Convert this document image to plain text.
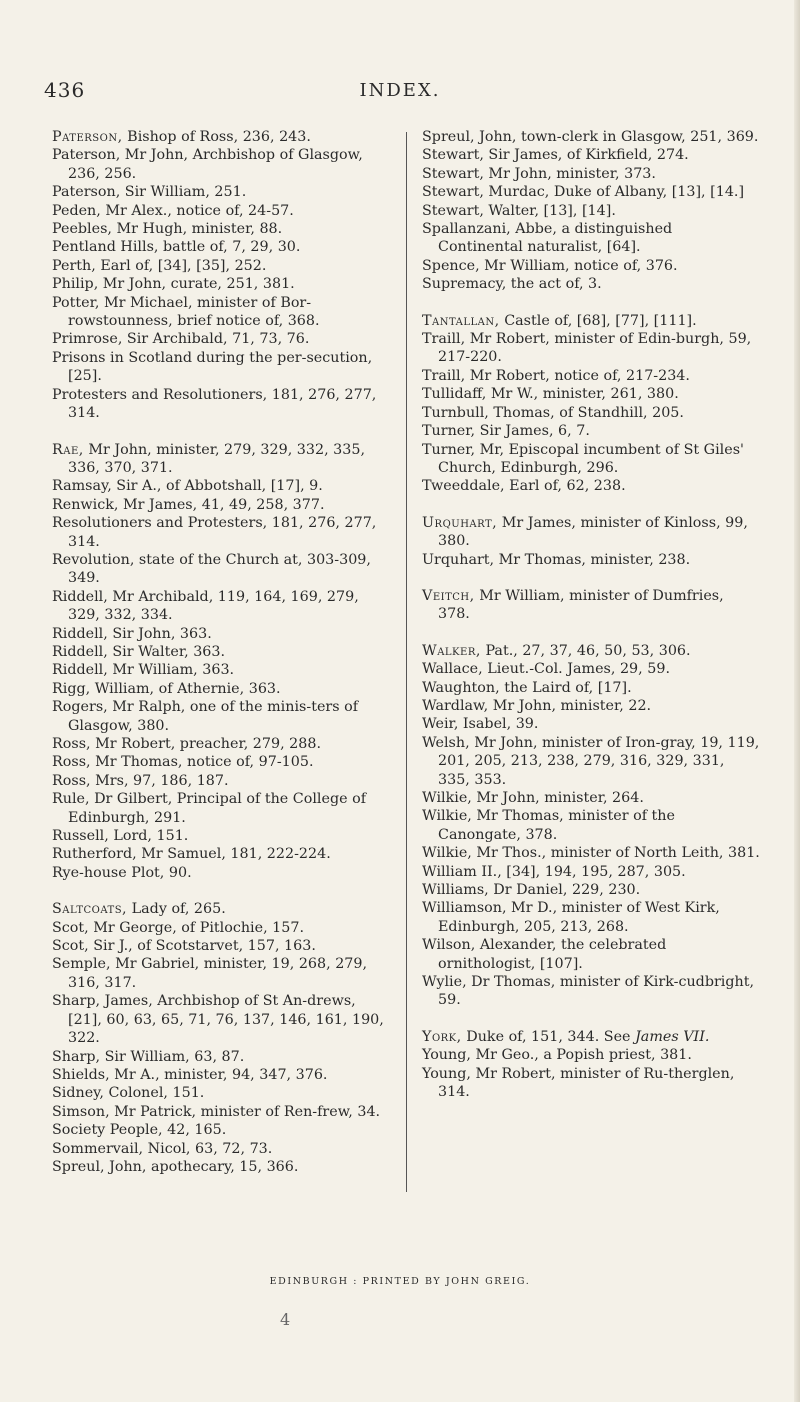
436	INDEX.

Paterson, Bishop of Ross, 236, 243.

Paterson, Mr John, Archbishop of Glasgow, 236, 256.

Paterson, Sir William, 251.

Peden, Mr Alex., notice of, 24-57.

Peebles, Mr Hugh, minister, 88.

Pentland Hills, battle of, 7, 29, 30.

Perth, Earl of, [34], [35], 252.

Philip, Mr John, curate, 251, 381.

Potter, Mr Michael, minister of Bor-rowstounness, brief notice of, 368.

Primrose, Sir Archibald, 71, 73, 76.

Prisons in Scotland during the per-secution, [25].

Protesters and Resolutioners, 181, 276, 277, 314.

Rae, Mr John, minister, 279, 329, 332, 335, 336, 370, 371.

Ramsay, Sir A., of Abbotshall, [17], 9.

Renwick, Mr James, 41, 49, 258, 377.

Resolutioners and Protesters, 181, 276, 277, 314.

Revolution, state of the Church at, 303-309, 349.

Riddell, Mr Archibald, 119, 164, 169, 279, 329, 332, 334.

Riddell, Sir John, 363.

Riddell, Sir Walter, 363.

Riddell, Mr William, 363.

Rigg, William, of Athernie, 363.

Rogers, Mr Ralph, one of the minis-ters of Glasgow, 380.

Ross, Mr Robert, preacher, 279, 288.

Ross, Mr Thomas, notice of, 97-105.

Ross, Mrs, 97, 186, 187.

Rule, Dr Gilbert, Principal of the College of Edinburgh, 291.

Russell, Lord, 151.

Rutherford, Mr Samuel, 181, 222-224.

Rye-house Plot, 90.

Saltcoats, Lady of, 265.

Scot, Mr George, of Pitlochie, 157.

Scot, Sir J., of Scotstarvet, 157, 163.

Semple, Mr Gabriel, minister, 19, 268, 279, 316, 317.

Sharp, James, Archbishop of St An-drews, [21], 60, 63, 65, 71, 76, 137, 146, 161, 190, 322.

Sharp, Sir William, 63, 87.

Shields, Mr A., minister, 94, 347, 376.

Sidney, Colonel, 151.

Simson, Mr Patrick, minister of Ren-frew, 34.

Society People, 42, 165.

Sommervail, Nicol, 63, 72, 73.

Spreul, John, apothecary, 15, 366.

Spreul, John, town-clerk in Glasgow, 251, 369.

Stewart, Sir James, of Kirkfield, 274.

Stewart, Mr John, minister, 373.

Stewart, Murdac, Duke of Albany, [13], [14.]

Stewart, Walter, [13], [14].

Spallanzani, Abbe, a distinguished Continental naturalist, [64].

Spence, Mr William, notice of, 376.

Supremacy, the act of, 3.

Tantallan, Castle of, [68], [77], [111].

Traill, Mr Robert, minister of Edin-burgh, 59, 217-220.

Traill, Mr Robert, notice of, 217-234.

Tullidaff, Mr W., minister, 261, 380.

Turnbull, Thomas, of Standhill, 205.

Turner, Sir James, 6, 7.

Turner, Mr, Episcopal incumbent of St Giles' Church, Edinburgh, 296.

Tweeddale, Earl of, 62, 238.

Urquhart, Mr James, minister of Kinloss, 99, 380.

Urquhart, Mr Thomas, minister, 238.

Veitch, Mr William, minister of Dumfries, 378.

Walker, Pat., 27, 37, 46, 50, 53, 306.

Wallace, Lieut.-Col. James, 29, 59.

Waughton, the Laird of, [17].

Wardlaw, Mr John, minister, 22.

Weir, Isabel, 39.

Welsh, Mr John, minister of Iron-gray, 19, 119, 201, 205, 213, 238, 279, 316, 329, 331, 335, 353.

Wilkie, Mr John, minister, 264.

Wilkie, Mr Thomas, minister of the Canongate, 378.

Wilkie, Mr Thos., minister of North Leith, 381.

William II., [34], 194, 195, 287, 305.

Williams, Dr Daniel, 229, 230.

Williamson, Mr D., minister of West Kirk, Edinburgh, 205, 213, 268.

Wilson, Alexander, the celebrated ornithologist, [107].

Wylie, Dr Thomas, minister of Kirk-cudbright, 59.

York, Duke of, 151, 344. See James VII.

Young, Mr Geo., a Popish priest, 381.

Young, Mr Robert, minister of Ru-therglen, 314.

EDINBURGH : PRINTED BY JOHN GREIG.
4
